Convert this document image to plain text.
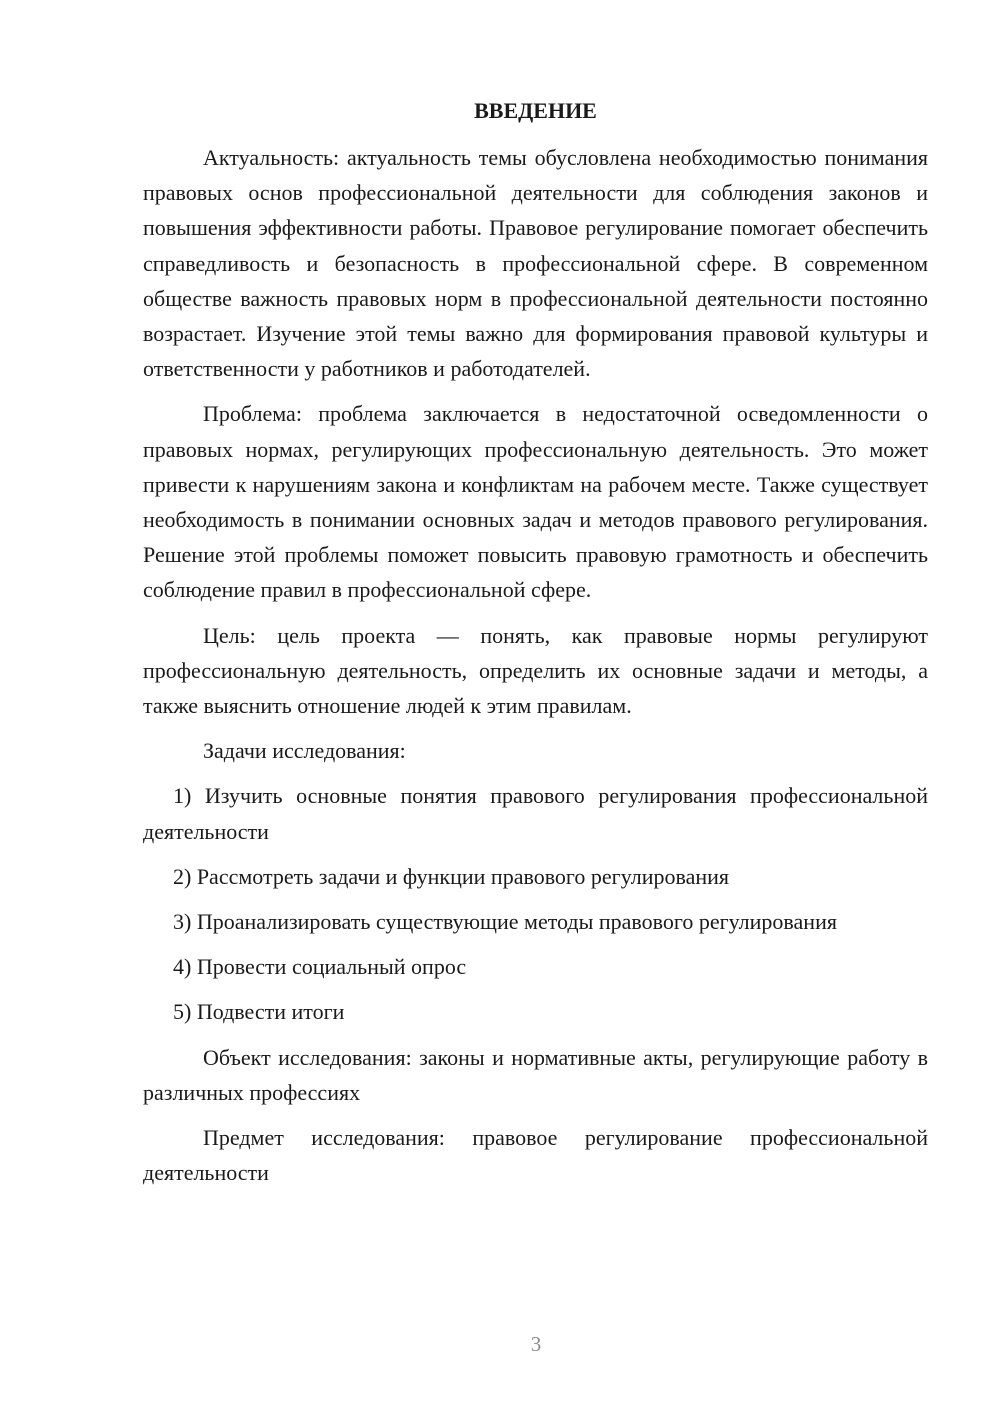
ВВЕДЕНИЕ

Актуальность: актуальность темы обусловлена необходимостью понимания правовых основ профессиональной деятельности для соблюдения законов и повышения эффективности работы. Правовое регулирование помогает обеспечить справедливость и безопасность в профессиональной сфере. В современном обществе важность правовых норм в профессиональной деятельности постоянно возрастает. Изучение этой темы важно для формирования правовой культуры и ответственности у работников и работодателей.

Проблема: проблема заключается в недостаточной осведомленности о правовых нормах, регулирующих профессиональную деятельность. Это может привести к нарушениям закона и конфликтам на рабочем месте. Также существует необходимость в понимании основных задач и методов правового регулирования. Решение этой проблемы поможет повысить правовую грамотность и обеспечить соблюдение правил в профессиональной сфере.

Цель: цель проекта — понять, как правовые нормы регулируют профессиональную деятельность, определить их основные задачи и методы, а также выяснить отношение людей к этим правилам.

Задачи исследования:

1) Изучить основные понятия правового регулирования профессиональной деятельности

2) Рассмотреть задачи и функции правового регулирования

3) Проанализировать существующие методы правового регулирования

4) Провести социальный опрос

5) Подвести итоги

Объект исследования: законы и нормативные акты, регулирующие работу в различных профессиях

Предмет исследования: правовое регулирование профессиональной деятельности

3
